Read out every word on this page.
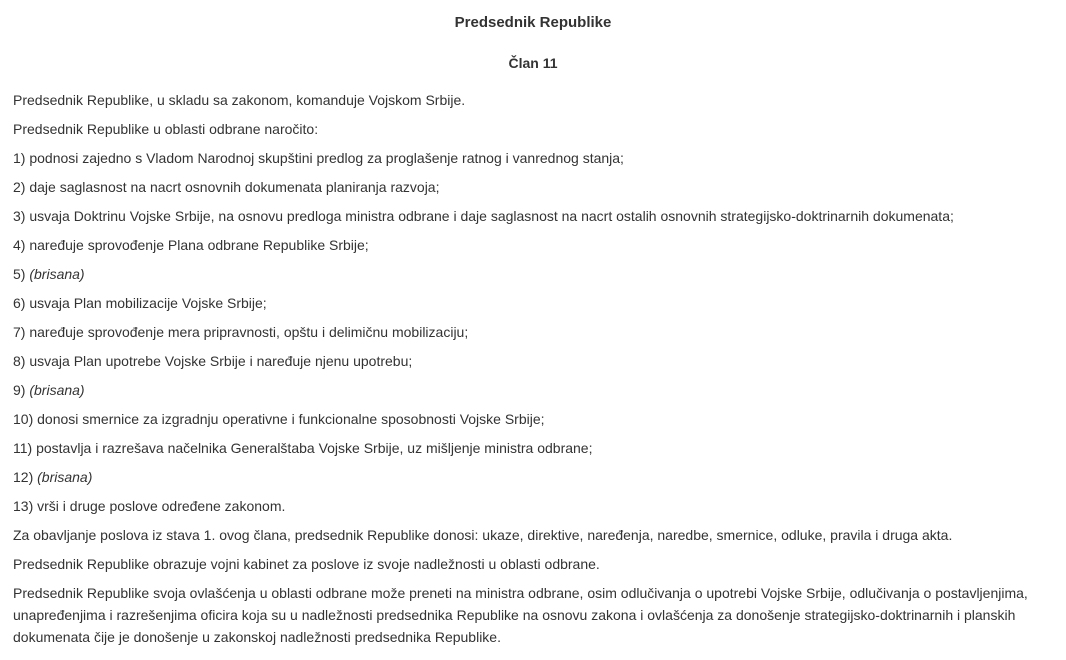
Predsednik Republike
Član 11

Predsednik Republike, u skladu sa zakonom, komanduje Vojskom Srbije.

Predsednik Republike u oblasti odbrane naročito:

1) podnosi zajedno s Vladom Narodnoj skupštini predlog za proglašenje ratnog i vanrednog stanja;

2) daje saglasnost na nacrt osnovnih dokumenata planiranja razvoja;

3) usvaja Doktrinu Vojske Srbije, na osnovu predloga ministra odbrane i daje saglasnost na nacrt ostalih osnovnih strategijsko-doktrinarnih dokumenata;

4) naređuje sprovođenje Plana odbrane Republike Srbije;

5) (brisana)

6) usvaja Plan mobilizacije Vojske Srbije;

7) naređuje sprovođenje mera pripravnosti, opštu i delimičnu mobilizaciju;

8) usvaja Plan upotrebe Vojske Srbije i naređuje njenu upotrebu;

9) (brisana)

10) donosi smernice za izgradnju operativne i funkcionalne sposobnosti Vojske Srbije;

11) postavlja i razrešava načelnika Generalštaba Vojske Srbije, uz mišljenje ministra odbrane;

12) (brisana)

13) vrši i druge poslove određene zakonom.

Za obavljanje poslova iz stava 1. ovog člana, predsednik Republike donosi: ukaze, direktive, naređenja, naredbe, smernice, odluke, pravila i druga akta.

Predsednik Republike obrazuje vojni kabinet za poslove iz svoje nadležnosti u oblasti odbrane.

Predsednik Republike svoja ovlašćenja u oblasti odbrane može preneti na ministra odbrane, osim odlučivanja o upotrebi Vojske Srbije, odlučivanja o postavljenjima, unapređenjima i razrešenjima oficira koja su u nadležnosti predsednika Republike na osnovu zakona i ovlašćenja za donošenje strategijsko-doktrinarnih i planskih dokumenata čije je donošenje u zakonskoj nadležnosti predsednika Republike.
